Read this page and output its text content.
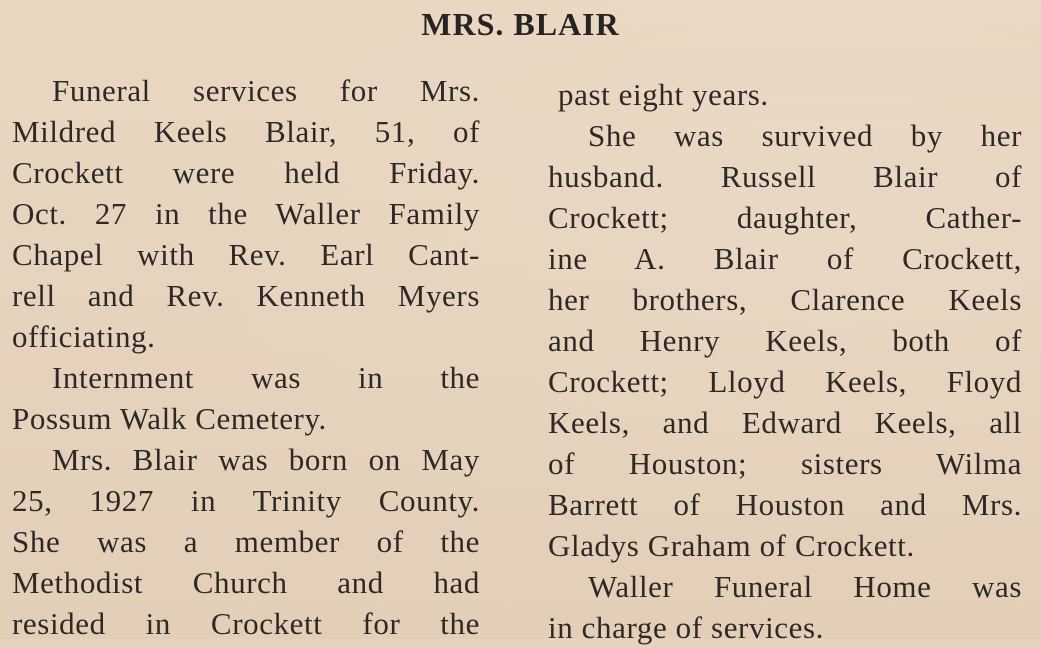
MRS. BLAIR
Funeral services for Mrs.
Mildred Keels Blair, 51, of
Crockett were held Friday.
Oct. 27 in the Waller Family
Chapel with Rev. Earl Cant-
rell and Rev. Kenneth Myers
officiating.
Internment was in the
Possum Walk Cemetery.
Mrs. Blair was born on May
25, 1927 in Trinity County.
She was a member of the
Methodist Church and had
resided in Crockett for the
past eight years.
She was survived by her
husband. Russell Blair of
Crockett; daughter, Cather-
ine A. Blair of Crockett,
her brothers, Clarence Keels
and Henry Keels, both of
Crockett; Lloyd Keels, Floyd
Keels, and Edward Keels, all
of Houston; sisters Wilma
Barrett of Houston and Mrs.
Gladys Graham of Crockett.
Waller Funeral Home was
in charge of services.
